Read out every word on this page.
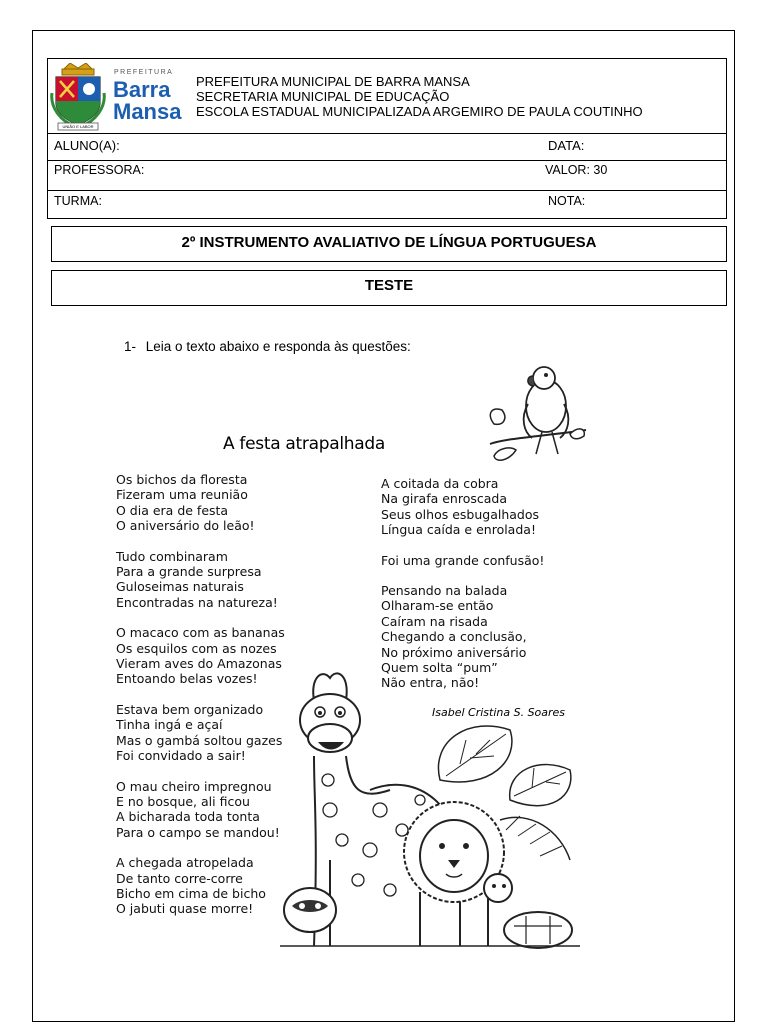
UNIÃO E LABOR
PREFEITURA
Barra
Mansa
PREFEITURA MUNICIPAL DE BARRA MANSA
SECRETARIA MUNICIPAL DE EDUCAÇÃO
ESCOLA ESTADUAL MUNICIPALIZADA ARGEMIRO DE PAULA COUTINHO
ALUNO(A):	DATA:
PROFESSORA:	VALOR: 30
TURMA:	NOTA:
2º INSTRUMENTO AVALIATIVO DE LÍNGUA PORTUGUESA
TESTE
1- Leia o texto abaixo e responda às questões:
A festa atrapalhada
Os bichos da floresta
Fizeram uma reunião
O dia era de festa
O aniversário do leão!
Tudo combinaram
Para a grande surpresa
Guloseimas naturais
Encontradas na natureza!
O macaco com as bananas
Os esquilos com as nozes
Vieram aves do Amazonas
Entoando belas vozes!
Estava bem organizado
Tinha ingá e açaí
Mas o gambá soltou gazes
Foi convidado a sair!
O mau cheiro impregnou
E no bosque, ali ficou
A bicharada toda tonta
Para o campo se mandou!
A chegada atropelada
De tanto corre-corre
Bicho em cima de bicho
O jabuti quase morre!
A coitada da cobra
Na girafa enroscada
Seus olhos esbugalhados
Língua caída e enrolada!
Foi uma grande confusão!
Pensando na balada
Olharam-se então
Caíram na risada
Chegando a conclusão,
No próximo aniversário
Quem solta “pum”
Não entra, não!
Isabel Cristina S. Soares
